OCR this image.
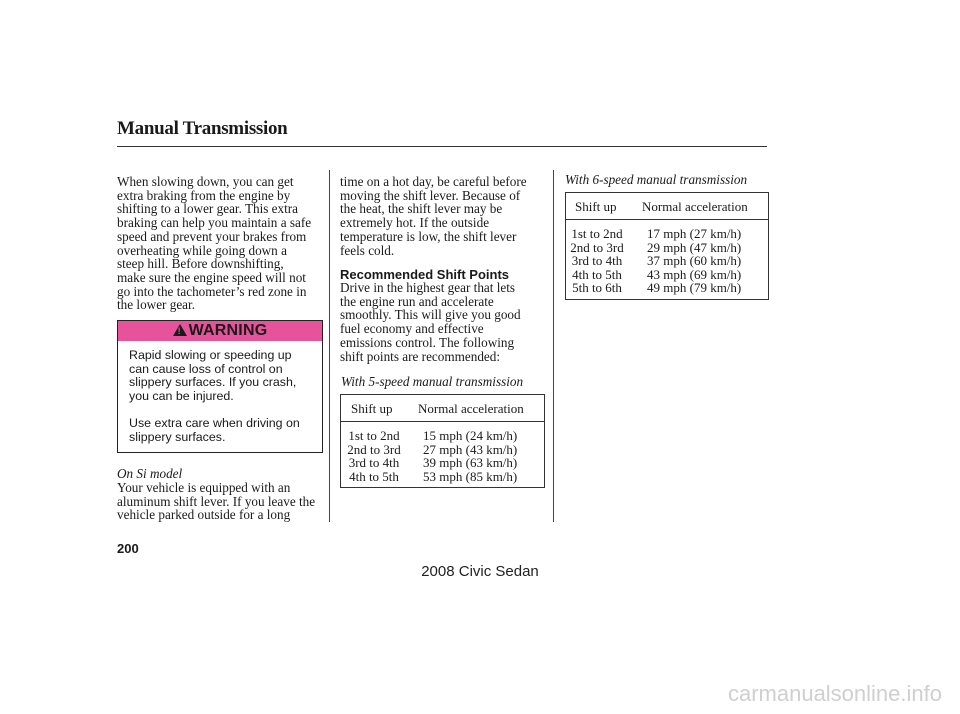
Manual Transmission
When slowing down, you can get
extra braking from the engine by
shifting to a lower gear. This extra
braking can help you maintain a safe
speed and prevent your brakes from
overheating while going down a
steep hill. Before downshifting,
make sure the engine speed will not
go into the tachometer’s red zone in
the lower gear.
! WARNING
Rapid slowing or speeding up
can cause loss of control on
slippery surfaces. If you crash,
you can be injured.

Use extra care when driving on
slippery surfaces.
On Si model
Your vehicle is equipped with an
aluminum shift lever. If you leave the
vehicle parked outside for a long
time on a hot day, be careful before
moving the shift lever. Because of
the heat, the shift lever may be
extremely hot. If the outside
temperature is low, the shift lever
feels cold.
Recommended Shift Points
Drive in the highest gear that lets
the engine run and accelerate
smoothly. This will give you good
fuel economy and effective
emissions control. The following
shift points are recommended:
With 5-speed manual transmission
Shift up Normal acceleration
1st to 2nd
2nd to 3rd
3rd to 4th
4th to 5th
15 mph (24 km/h)
27 mph (43 km/h)
39 mph (63 km/h)
53 mph (85 km/h)
With 6-speed manual transmission
Shift up Normal acceleration
1st to 2nd
2nd to 3rd
3rd to 4th
4th to 5th
5th to 6th
17 mph (27 km/h)
29 mph (47 km/h)
37 mph (60 km/h)
43 mph (69 km/h)
49 mph (79 km/h)
200
2008 Civic Sedan
carmanualsonline.info
